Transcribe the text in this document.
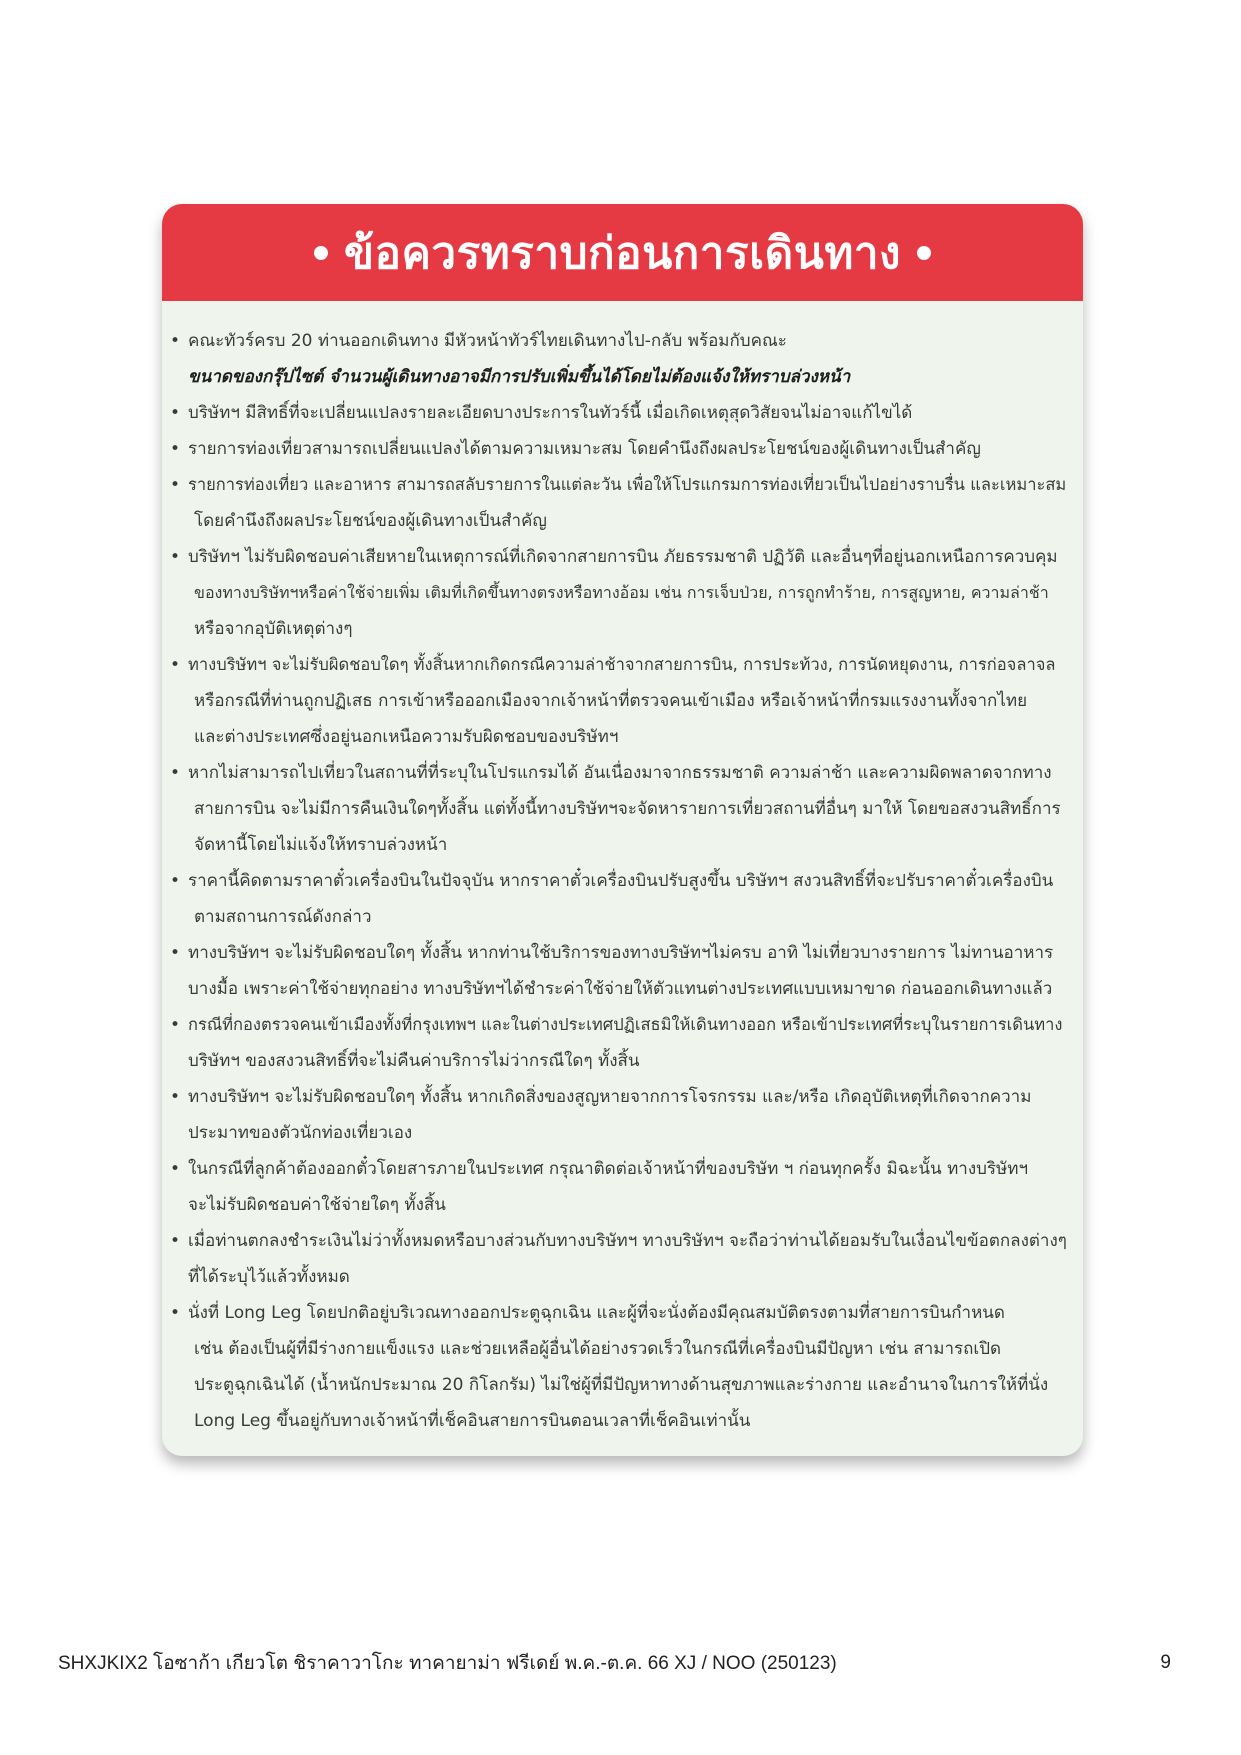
ข้อควรทราบก่อนการเดินทาง
• คณะทัวร์ครบ 20 ท่านออกเดินทาง มีหัวหน้าทัวร์ไทยเดินทางไป-กลับ พร้อมกับคณะ
ขนาดของกรุ๊ปไซต์ จำนวนผู้เดินทางอาจมีการปรับเพิ่มขึ้นได้โดยไม่ต้องแจ้งให้ทราบล่วงหน้า
• บริษัทฯ มีสิทธิ์ที่จะเปลี่ยนแปลงรายละเอียดบางประการในทัวร์นี้ เมื่อเกิดเหตุสุดวิสัยจนไม่อาจแก้ไขได้
• รายการท่องเที่ยวสามารถเปลี่ยนแปลงได้ตามความเหมาะสม โดยคำนึงถึงผลประโยชน์ของผู้เดินทางเป็นสำคัญ
• รายการท่องเที่ยว และอาหาร สามารถสลับรายการในแต่ละวัน เพื่อให้โปรแกรมการท่องเที่ยวเป็นไปอย่างราบรื่น และเหมาะสม
โดยคำนึงถึงผลประโยชน์ของผู้เดินทางเป็นสำคัญ
• บริษัทฯ ไม่รับผิดชอบค่าเสียหายในเหตุการณ์ที่เกิดจากสายการบิน ภัยธรรมชาติ ปฏิวัติ และอื่นๆที่อยู่นอกเหนือการควบคุม
ของทางบริษัทฯหรือค่าใช้จ่ายเพิ่ม เติมที่เกิดขึ้นทางตรงหรือทางอ้อม เช่น การเจ็บป่วย, การถูกทำร้าย, การสูญหาย, ความล่าช้า
หรือจากอุบัติเหตุต่างๆ
• ทางบริษัทฯ จะไม่รับผิดชอบใดๆ ทั้งสิ้นหากเกิดกรณีความล่าช้าจากสายการบิน, การประท้วง, การนัดหยุดงาน, การก่อจลาจล
หรือกรณีที่ท่านถูกปฏิเสธ การเข้าหรือออกเมืองจากเจ้าหน้าที่ตรวจคนเข้าเมือง หรือเจ้าหน้าที่กรมแรงงานทั้งจากไทย
และต่างประเทศซึ่งอยู่นอกเหนือความรับผิดชอบของบริษัทฯ
• หากไม่สามารถไปเที่ยวในสถานที่ที่ระบุในโปรแกรมได้ อันเนื่องมาจากธรรมชาติ ความล่าช้า และความผิดพลาดจากทาง
สายการบิน จะไม่มีการคืนเงินใดๆทั้งสิ้น แต่ทั้งนี้ทางบริษัทฯจะจัดหารายการเที่ยวสถานที่อื่นๆ มาให้ โดยขอสงวนสิทธิ์การ
จัดหานี้โดยไม่แจ้งให้ทราบล่วงหน้า
• ราคานี้คิดตามราคาตั๋วเครื่องบินในปัจจุบัน หากราคาตั๋วเครื่องบินปรับสูงขึ้น บริษัทฯ สงวนสิทธิ์ที่จะปรับราคาตั๋วเครื่องบิน
ตามสถานการณ์ดังกล่าว
• ทางบริษัทฯ จะไม่รับผิดชอบใดๆ ทั้งสิ้น หากท่านใช้บริการของทางบริษัทฯไม่ครบ อาทิ ไม่เที่ยวบางรายการ ไม่ทานอาหาร
บางมื้อ เพราะค่าใช้จ่ายทุกอย่าง ทางบริษัทฯได้ชำระค่าใช้จ่ายให้ตัวแทนต่างประเทศแบบเหมาขาด ก่อนออกเดินทางแล้ว
• กรณีที่กองตรวจคนเข้าเมืองทั้งที่กรุงเทพฯ และในต่างประเทศปฏิเสธมิให้เดินทางออก หรือเข้าประเทศที่ระบุในรายการเดินทาง
บริษัทฯ ของสงวนสิทธิ์ที่จะไม่คืนค่าบริการไม่ว่ากรณีใดๆ ทั้งสิ้น
• ทางบริษัทฯ จะไม่รับผิดชอบใดๆ ทั้งสิ้น หากเกิดสิ่งของสูญหายจากการโจรกรรม และ/หรือ เกิดอุบัติเหตุที่เกิดจากความ
ประมาทของตัวนักท่องเที่ยวเอง
• ในกรณีที่ลูกค้าต้องออกตั๋วโดยสารภายในประเทศ กรุณาติดต่อเจ้าหน้าที่ของบริษัท ฯ ก่อนทุกครั้ง มิฉะนั้น ทางบริษัทฯ
จะไม่รับผิดชอบค่าใช้จ่ายใดๆ ทั้งสิ้น
• เมื่อท่านตกลงชำระเงินไม่ว่าทั้งหมดหรือบางส่วนกับทางบริษัทฯ ทางบริษัทฯ จะถือว่าท่านได้ยอมรับในเงื่อนไขข้อตกลงต่างๆ
ที่ได้ระบุไว้แล้วทั้งหมด
• นั่งที่ Long Leg โดยปกติอยู่บริเวณทางออกประตูฉุกเฉิน และผู้ที่จะนั่งต้องมีคุณสมบัติตรงตามที่สายการบินกำหนด
เช่น ต้องเป็นผู้ที่มีร่างกายแข็งแรง และช่วยเหลือผู้อื่นได้อย่างรวดเร็วในกรณีที่เครื่องบินมีปัญหา เช่น สามารถเปิด
ประตูฉุกเฉินได้ (น้ำหนักประมาณ 20 กิโลกรัม) ไม่ใช่ผู้ที่มีปัญหาทางด้านสุขภาพและร่างกาย และอำนาจในการให้ที่นั่ง
Long Leg ขึ้นอยู่กับทางเจ้าหน้าที่เช็คอินสายการบินตอนเวลาที่เช็คอินเท่านั้น
SHXJKIX2 โอซาก้า เกียวโต ชิราคาวาโกะ ทาคายาม่า ฟรีเดย์ พ.ค.-ต.ค. 66 XJ / NOO (250123)	9
